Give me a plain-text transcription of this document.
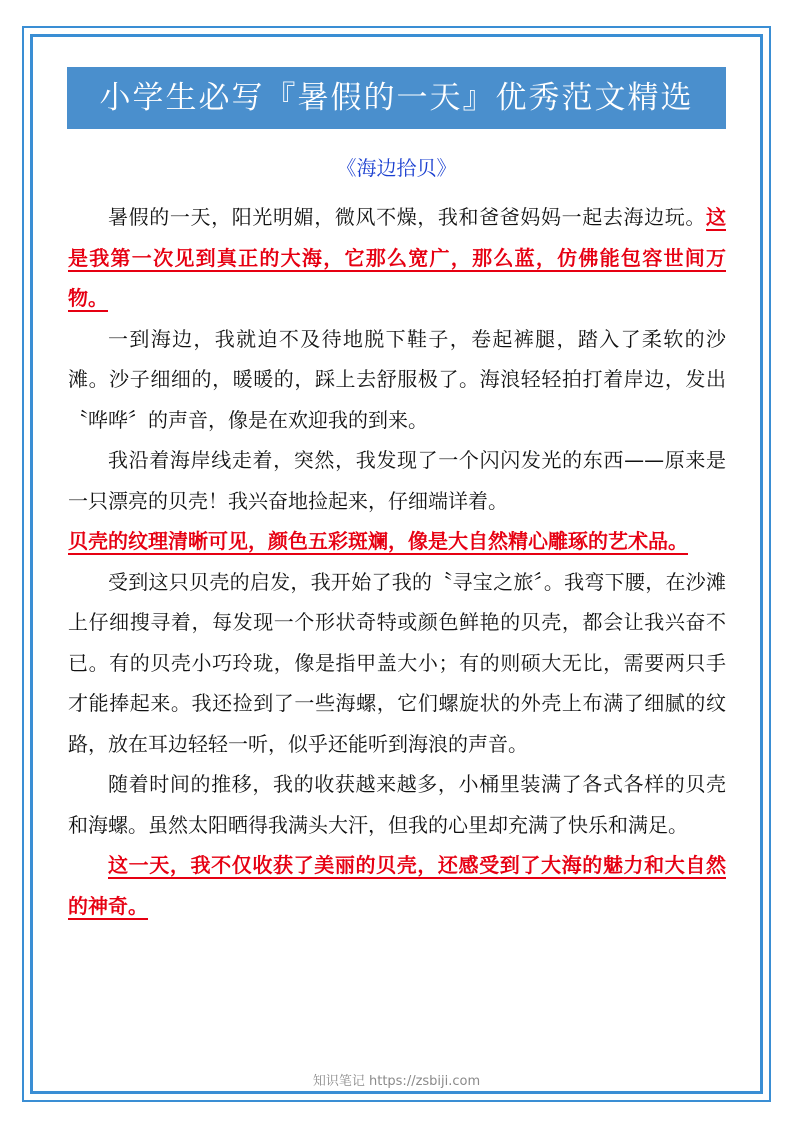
小学生必写『暑假的一天』优秀范文精选
《海边拾贝》

暑假的一天，阳光明媚，微风不燥，我和爸爸妈妈一起去海边玩。这是我第一次见到真正的大海，它那么宽广，那么蓝，仿佛能包容世间万物。

一到海边，我就迫不及待地脱下鞋子，卷起裤腿，踏入了柔软的沙滩。沙子细细的，暖暖的，踩上去舒服极了。海浪轻轻拍打着岸边，发出〝哗哗〞的声音，像是在欢迎我的到来。

我沿着海岸线走着，突然，我发现了一个闪闪发光的东西——原来是一只漂亮的贝壳！我兴奋地捡起来，仔细端详着。

贝壳的纹理清晰可见，颜色五彩斑斓，像是大自然精心雕琢的艺术品。

受到这只贝壳的启发，我开始了我的〝寻宝之旅〞。我弯下腰，在沙滩上仔细搜寻着，每发现一个形状奇特或颜色鲜艳的贝壳，都会让我兴奋不已。有的贝壳小巧玲珑，像是指甲盖大小；有的则硕大无比，需要两只手才能捧起来。我还捡到了一些海螺，它们螺旋状的外壳上布满了细腻的纹路，放在耳边轻轻一听，似乎还能听到海浪的声音。

随着时间的推移，我的收获越来越多，小桶里装满了各式各样的贝壳和海螺。虽然太阳晒得我满头大汗，但我的心里却充满了快乐和满足。

这一天，我不仅收获了美丽的贝壳，还感受到了大海的魅力和大自然的神奇。

知识笔记 https://zsbiji.com
